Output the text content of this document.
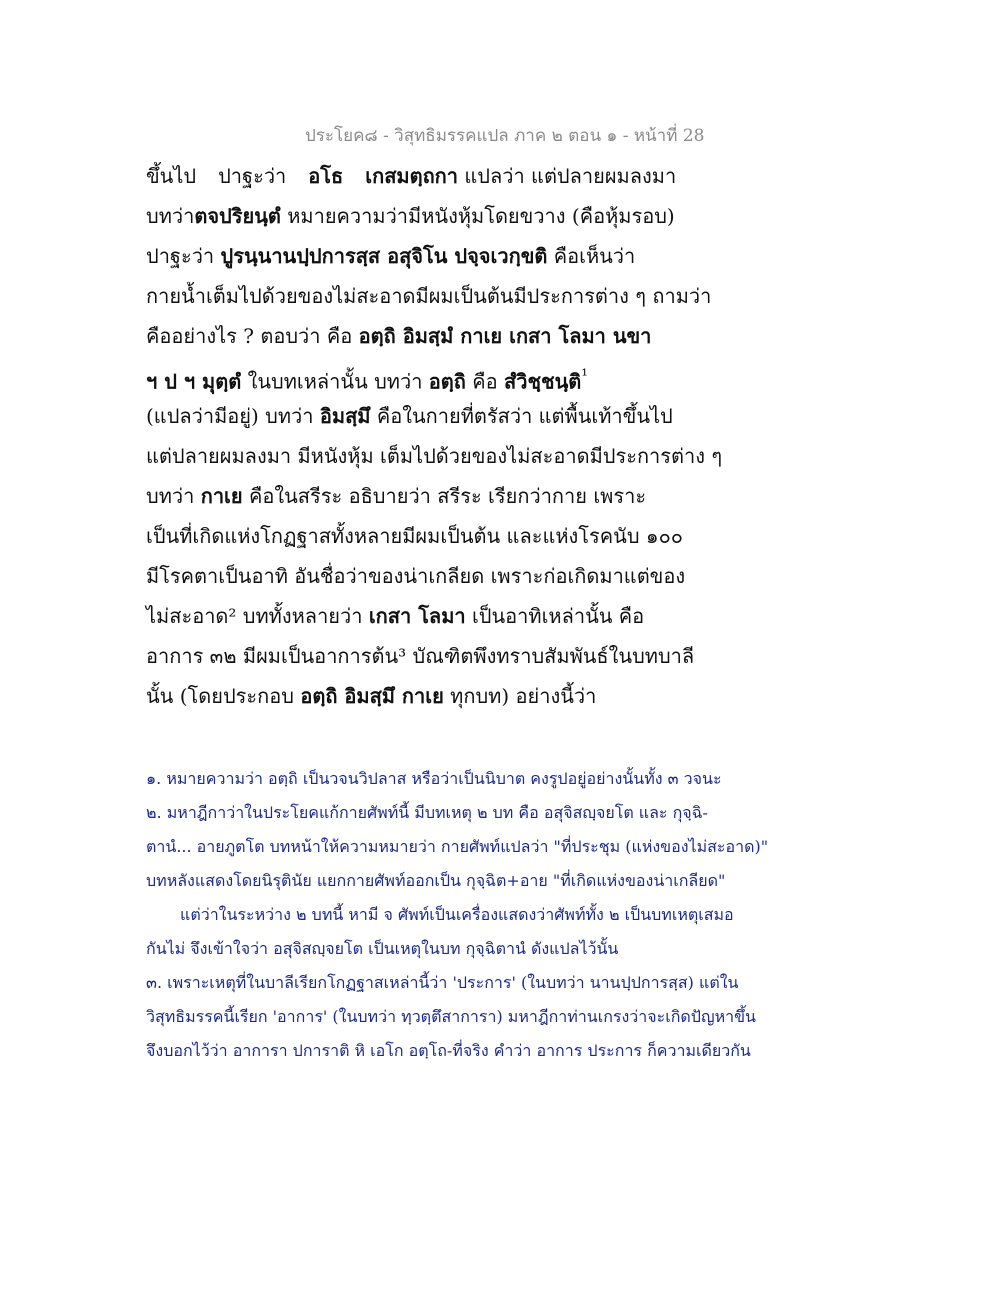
ประโยค๘ - วิสุทธิมรรคแปล ภาค ๒ ตอน ๑ - หน้าที่ 28
ขึ้นไป ปาฐะว่า อโธ เกสมตฺถกา แปลว่า แต่ปลายผมลงมา
บทว่าตจปริยนฺตํ หมายความว่ามีหนังหุ้มโดยขวาง (คือหุ้มรอบ)
ปาฐะว่า ปูรนฺนานปฺปการสฺส อสุจิโน ปจฺจเวกฺขติ คือเห็นว่า
กายน้ำเต็มไปด้วยของไม่สะอาดมีผมเป็นต้นมีประการต่าง ๆ ถามว่า
คืออย่างไร ? ตอบว่า คือ อตฺถิ อิมสฺมํ กาเย เกสา โลมา นขา
ฯ ป ฯ มุตฺตํ ในบทเหล่านั้น บทว่า อตฺถิ คือ สํวิชฺชนฺติ$^{^1}$
(แปลว่ามีอยู่) บทว่า อิมสฺมึ คือในกายที่ตรัสว่า แต่พื้นเท้าขึ้นไป
แต่ปลายผมลงมา มีหนังหุ้ม เต็มไปด้วยของไม่สะอาดมีประการต่าง ๆ
บทว่า กาเย คือในสรีระ อธิบายว่า สรีระ เรียกว่ากาย เพราะ
เป็นที่เกิดแห่งโกฏฐาสทั้งหลายมีผมเป็นต้น และแห่งโรคนับ ๑๐๐
มีโรคตาเป็นอาทิ อันชื่อว่าของน่าเกลียด เพราะก่อเกิดมาแต่ของ
ไม่สะอาด² บททั้งหลายว่า เกสา โลมา เป็นอาทิเหล่านั้น คือ
อาการ ๓๒ มีผมเป็นอาการต้น³ บัณฑิตพึงทราบสัมพันธ์ในบทบาลี
นั้น (โดยประกอบ อตฺถิ อิมสฺมึ กาเย ทุกบท) อย่างนี้ว่า
๑. หมายความว่า อตฺถิ เป็นวจนวิปลาส หรือว่าเป็นนิบาต คงรูปอยู่อย่างนั้นทั้ง ๓ วจนะ
๒. มหาฎีกาว่าในประโยคแก้กายศัพท์นี้ มีบทเหตุ ๒ บท คือ อสุจิสญฺจยโต และ กุจฺฉิ-
ตานํ... อายภูตโต บทหน้าให้ความหมายว่า กายศัพท์แปลว่า "ที่ประชุม (แห่งของไม่สะอาด)"
บทหลังแสดงโดยนิรุตินัย แยกกายศัพท์ออกเป็น กุจฺฉิต+อาย "ที่เกิดแห่งของน่าเกลียด"
แต่ว่าในระหว่าง ๒ บทนี้ หามี จ ศัพท์เป็นเครื่องแสดงว่าศัพท์ทั้ง ๒ เป็นบทเหตุเสมอ
กันไม่ จึงเข้าใจว่า อสุจิสญฺจยโต เป็นเหตุในบท กุจฺฉิตานํ ดังแปลไว้นั้น
๓. เพราะเหตุที่ในบาลีเรียกโกฏฐาสเหล่านี้ว่า 'ประการ' (ในบทว่า นานปฺปการสฺส) แต่ใน
วิสุทธิมรรคนี้เรียก 'อาการ' (ในบทว่า ทฺวตฺตึสาการา) มหาฎีกาท่านเกรงว่าจะเกิดปัญหาขึ้น
จึงบอกไว้ว่า อาการา ปการาติ หิ เอโก อตฺโถ-ที่จริง คำว่า อาการ ประการ ก็ความเดียวกัน
